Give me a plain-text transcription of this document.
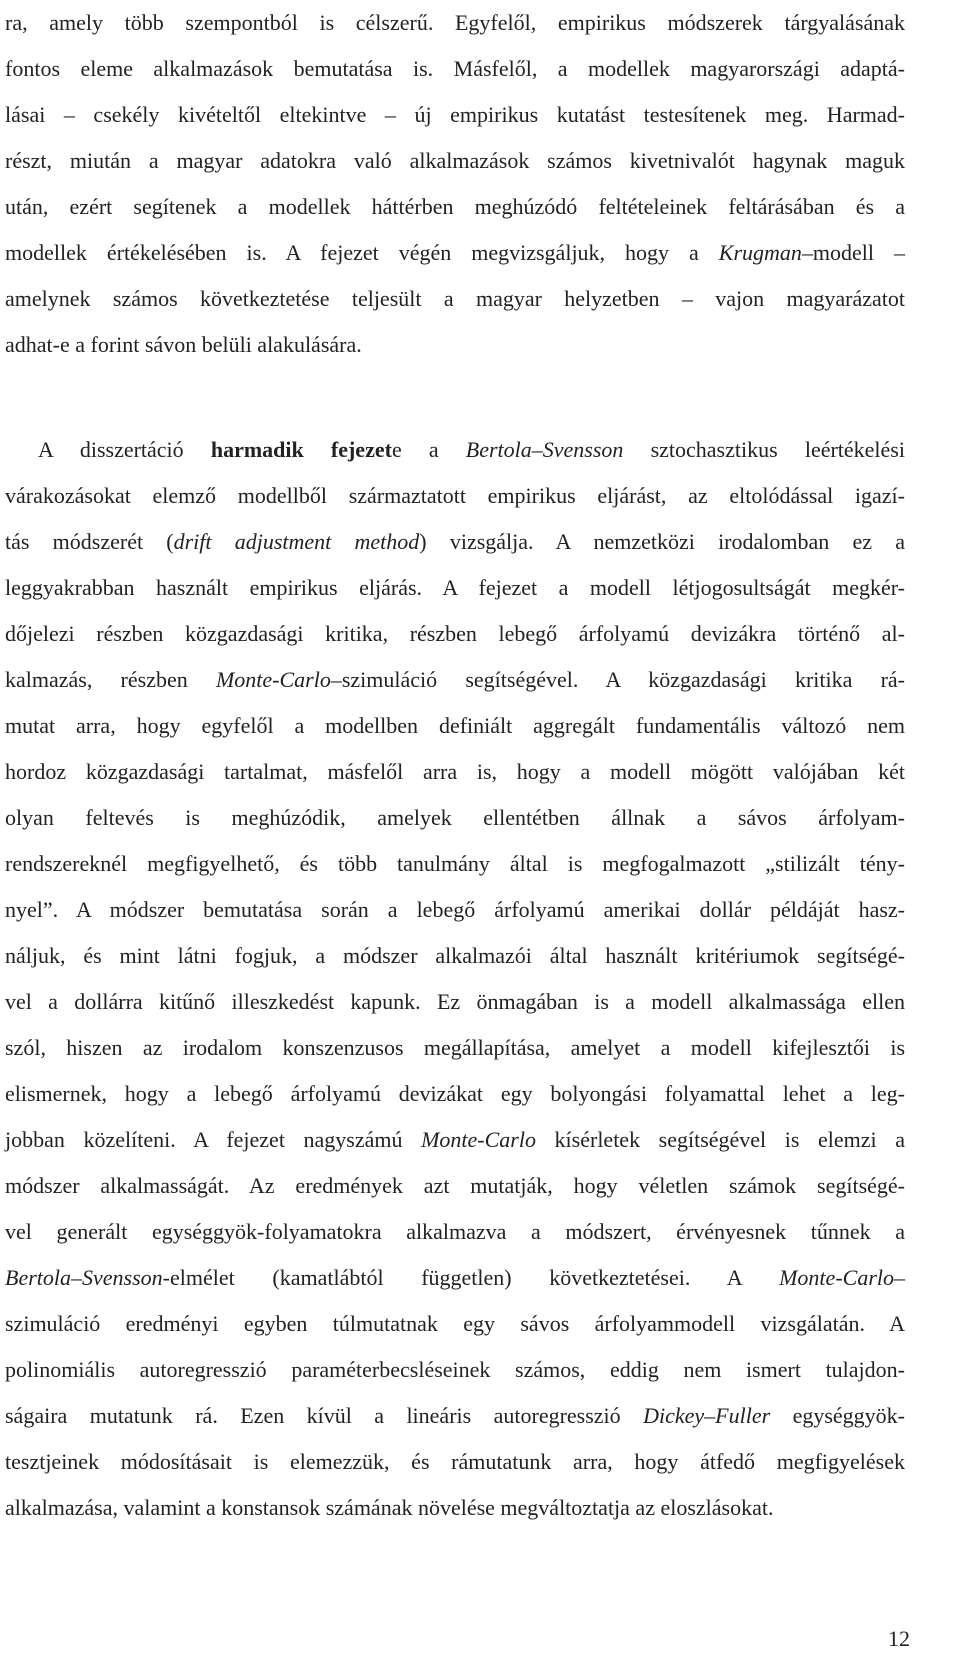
ra, amely több szempontból is célszerű. Egyfelől, empirikus módszerek tárgyalásának
fontos eleme alkalmazások bemutatása is. Másfelől, a modellek magyarországi adaptá-
lásai – csekély kivételtől eltekintve – új empirikus kutatást testesítenek meg. Harmad-
részt, miután a magyar adatokra való alkalmazások számos kivetnivalót hagynak maguk
után, ezért segítenek a modellek háttérben meghúzódó feltételeinek feltárásában és a
modellek értékelésében is. A fejezet végén megvizsgáljuk, hogy a Krugman–modell –
amelynek számos következtetése teljesült a magyar helyzetben – vajon magyarázatot
adhat-e a forint sávon belüli alakulására.
A disszertáció harmadik fejezete a Bertola–Svensson sztochasztikus leértékelési
várakozásokat elemző modellből származtatott empirikus eljárást, az eltolódással igazí-
tás módszerét (drift adjustment method) vizsgálja. A nemzetközi irodalomban ez a
leggyakrabban használt empirikus eljárás. A fejezet a modell létjogosultságát megkér-
dőjelezi részben közgazdasági kritika, részben lebegő árfolyamú devizákra történő al-
kalmazás, részben Monte-Carlo–szimuláció segítségével. A közgazdasági kritika rá-
mutat arra, hogy egyfelől a modellben definiált aggregált fundamentális változó nem
hordoz közgazdasági tartalmat, másfelől arra is, hogy a modell mögött valójában két
olyan feltevés is meghúzódik, amelyek ellentétben állnak a sávos árfolyam-
rendszereknél megfigyelhető, és több tanulmány által is megfogalmazott „stilizált tény-
nyel”. A módszer bemutatása során a lebegő árfolyamú amerikai dollár példáját hasz-
náljuk, és mint látni fogjuk, a módszer alkalmazói által használt kritériumok segítségé-
vel a dollárra kitűnő illeszkedést kapunk. Ez önmagában is a modell alkalmassága ellen
szól, hiszen az irodalom konszenzusos megállapítása, amelyet a modell kifejlesztői is
elismernek, hogy a lebegő árfolyamú devizákat egy bolyongási folyamattal lehet a leg-
jobban közelíteni. A fejezet nagyszámú Monte-Carlo kísérletek segítségével is elemzi a
módszer alkalmasságát. Az eredmények azt mutatják, hogy véletlen számok segítségé-
vel generált egységgyök-folyamatokra alkalmazva a módszert, érvényesnek tűnnek a
Bertola–Svensson-elmélet (kamatlábtól független) következtetései. A Monte-Carlo–
szimuláció eredményi egyben túlmutatnak egy sávos árfolyammodell vizsgálatán. A
polinomiális autoregresszió paraméterbecsléseinek számos, eddig nem ismert tulajdon-
ságaira mutatunk rá. Ezen kívül a lineáris autoregresszió Dickey–Fuller egységgyök-
tesztjeinek módosításait is elemezzük, és rámutatunk arra, hogy átfedő megfigyelések
alkalmazása, valamint a konstansok számának növelése megváltoztatja az eloszlásokat.
12
